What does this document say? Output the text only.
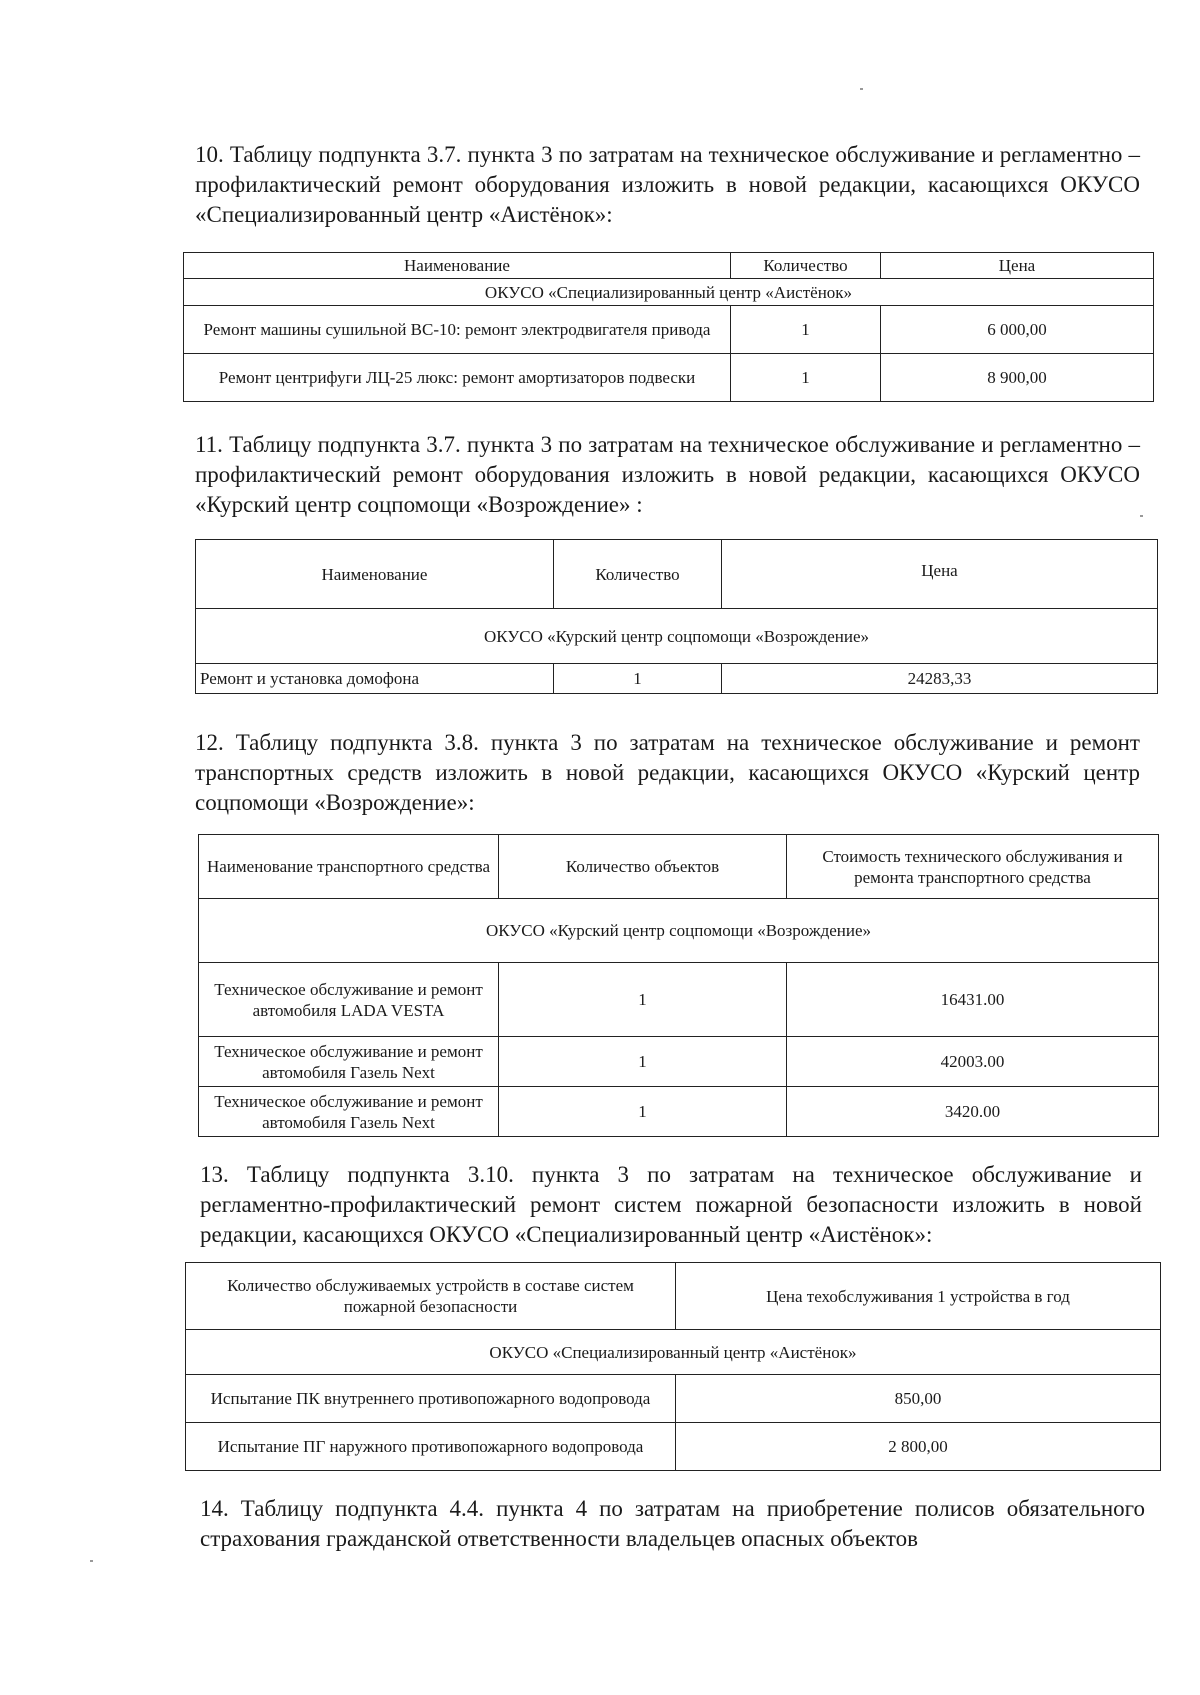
10. Таблицу подпункта 3.7. пункта 3 по затратам на техническое обслуживание и регламентно – профилактический ремонт оборудования изложить в новой редакции, касающихся ОКУСО «Специализированный центр «Аистёнок»:

Наименование	Количество	Цена
ОКУСО «Специализированный центр «Аистёнок»		
Ремонт машины сушильной ВС-10: ремонт электродвигателя привода	1	6 000,00
Ремонт центрифуги ЛЦ-25 люкс: ремонт амортизаторов подвески	1	8 900,00

11. Таблицу подпункта 3.7. пункта 3 по затратам на техническое обслуживание и регламентно – профилактический ремонт оборудования изложить в новой редакции, касающихся ОКУСО «Курский центр соцпомощи «Возрождение» :

Наименование	Количество	Цена
ОКУСО «Курский центр соцпомощи «Возрождение»		
Ремонт и установка домофона	1	24283,33

12. Таблицу подпункта 3.8. пункта 3 по затратам на техническое обслуживание и ремонт транспортных средств изложить в новой редакции, касающихся ОКУСО «Курский центр соцпомощи «Возрождение»:

Наименование транспортного средства	Количество объектов	Стоимость технического обслуживания и ремонта транспортного средства
ОКУСО «Курский центр соцпомощи «Возрождение»		
Техническое обслуживание и ремонт автомобиля LADA VESTA	1	16431.00
Техническое обслуживание и ремонт автомобиля Газель Next	1	42003.00
Техническое обслуживание и ремонт автомобиля Газель Next	1	3420.00

13. Таблицу подпункта 3.10. пункта 3 по затратам на техническое обслуживание и регламентно-профилактический ремонт систем пожарной безопасности изложить в новой редакции, касающихся ОКУСО «Специализированный центр «Аистёнок»:

Количество обслуживаемых устройств в составе систем пожарной безопасности	Цена техобслуживания 1 устройства в год
ОКУСО «Специализированный центр «Аистёнок»	
Испытание ПК внутреннего противопожарного водопровода	850,00
Испытание ПГ наружного противопожарного водопровода	2 800,00

14. Таблицу подпункта 4.4. пункта 4 по затратам на приобретение полисов обязательного страхования гражданской ответственности владельцев опасных объектов
